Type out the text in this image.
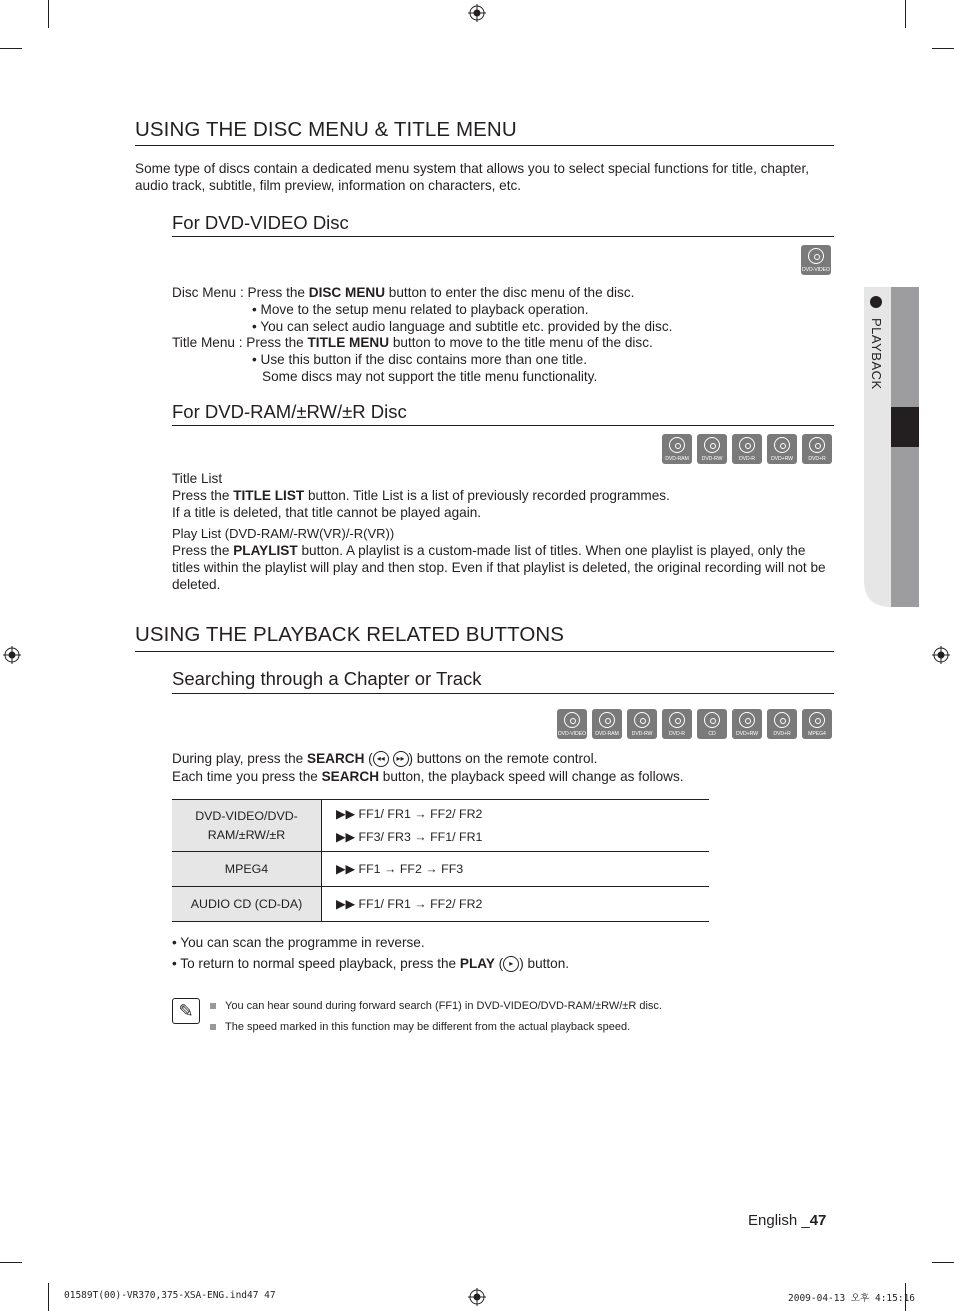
PLAYBACK
USING THE DISC MENU & TITLE MENU

Some type of discs contain a dedicated menu system that allows you to select special functions for title, chapter, audio track, subtitle, film preview, information on characters, etc.

For DVD-VIDEO Disc
DVD-VIDEO

Disc Menu : Press the DISC MENU button to enter the disc menu of the disc.

• Move to the setup menu related to playback operation.

• You can select audio language and subtitle etc. provided by the disc.

Title Menu : Press the TITLE MENU button to move to the title menu of the disc.

• Use this button if the disc contains more than one title.

Some discs may not support the title menu functionality.

For DVD-RAM/±RW/±R Disc
DVD-RAM	DVD-RW	DVD-R	DVD+RW	DVD+R

Title List

Press the TITLE LIST button. Title List is a list of previously recorded programmes.

If a title is deleted, that title cannot be played again.

Play List (DVD-RAM/-RW(VR)/-R(VR))

Press the PLAYLIST button. A playlist is a custom-made list of titles. When one playlist is played, only the titles within the playlist will play and then stop. Even if that playlist is deleted, the original recording will not be deleted.

USING THE PLAYBACK RELATED BUTTONS
Searching through a Chapter or Track
DVD-VIDEO	DVD-RAM	DVD-RW	DVD-R	CD	DVD+RW	DVD+R	MPEG4

During play, press the SEARCH ( ◂◂ ▸▸ ) buttons on the remote control.

Each time you press the SEARCH button, the playback speed will change as follows.

DVD-VIDEO/DVD-RAM/±RW/±R	▶▶ FF1/ FR1 → FF2/ FR2
▶▶ FF3/ FR3 → FF1/ FR1

MPEG4	▶▶ FF1 → FF2 → FF3
AUDIO CD (CD-DA)	▶▶ FF1/ FR1 → FF2/ FR2

• You can scan the programme in reverse.

• To return to normal speed playback, press the PLAY ( ▸ ) button.

✎	You can hear sound during forward search (FF1) in DVD-VIDEO/DVD-RAM/±RW/±R disc.
The speed marked in this function may be different from the actual playback speed.
English _47
01589T(00)-VR370,375-XSA-ENG.ind47 47	2009-04-13 오후 4:15:16
